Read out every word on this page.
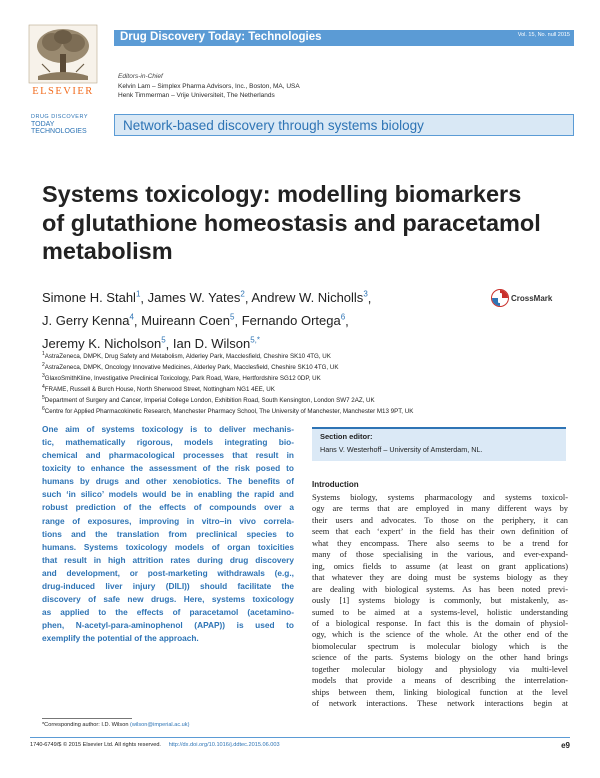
ELSEVIER
Drug Discovery Today: Technologies	Vol. 15, No. null 2015
Editors-in-Chief
Kelvin Lam – Simplex Pharma Advisors, Inc., Boston, MA, USA
Henk Timmerman – Vrije Universiteit, The Netherlands
DRUG DISCOVERY
TODAY
TECHNOLOGIES	Network-based discovery through systems biology
Systems toxicology: modelling biomarkers of glutathione homeostasis and paracetamol metabolism
Simone H. Stahl$^1$, James W. Yates$^2$, Andrew W. Nicholls$^3$,
J. Gerry Kenna$^4$, Muireann Coen$^5$, Fernando Ortega$^6$,
Jeremy K. Nicholson$^5$, Ian D. Wilson$^{5,*}$
CrossMark
$^1$AstraZeneca, DMPK, Drug Safety and Metabolism, Alderley Park, Macclesfield, Cheshire SK10 4TG, UK
$^2$AstraZeneca, DMPK, Oncology Innovative Medicines, Alderley Park, Macclesfield, Cheshire SK10 4TG, UK
$^3$GlaxoSmithKline, Investigative Preclinical Toxicology, Park Road, Ware, Hertfordshire SG12 0DP, UK
$^4$FRAME, Russell & Burch House, North Sherwood Street, Nottingham NG1 4EE, UK
$^5$Department of Surgery and Cancer, Imperial College London, Exhibition Road, South Kensington, London SW7 2AZ, UK
$^6$Centre for Applied Pharmacokinetic Research, Manchester Pharmacy School, The University of Manchester, Manchester M13 9PT, UK
One aim of systems toxicology is to deliver mechanis-
tic, mathematically rigorous, models integrating bio-
chemical and pharmacological processes that result in
toxicity to enhance the assessment of the risk posed to
humans by drugs and other xenobiotics. The benefits of
such ‘in silico’ models would be in enabling the rapid and
robust prediction of the effects of compounds over a
range of exposures, improving in vitro–in vivo correla-
tions and the translation from preclinical species to
humans. Systems toxicology models of organ toxicities
that result in high attrition rates during drug discovery
and development, or post-marketing withdrawals (e.g.,
drug-induced liver injury (DILI)) should facilitate the
discovery of safe new drugs. Here, systems toxicology
as applied to the effects of paracetamol (acetamino-
phen, N-acetyl-para-aminophenol (APAP)) is used to
exemplify the potential of the approach.
Section editor:
Hans V. Westerhoff – University of Amsterdam, NL.
Introduction
Systems biology, systems pharmacology and systems toxicol-
ogy are terms that are employed in many different ways by
their users and advocates. To those on the periphery, it can
seem that each ‘expert’ in the field has their own definition of
what they encompass. There also seems to be a trend for
many of those specialising in the various, and ever-expand-
ing, omics fields to assume (at least on grant applications)
that whatever they are doing must be systems biology as they
are dealing with biological systems. As has been noted previ-
ously [1] systems biology is commonly, but mistakenly, as-
sumed to be aimed at a systems-level, holistic understanding
of a biological response. In fact this is the domain of physiol-
ogy, which is the science of the whole. At the other end of the
biomolecular spectrum is molecular biology which is the
science of the parts. Systems biology on the other hand brings
together molecular biology and physiology via multi-level
models that provide a means of describing the interrelation-
ships between them, linking biological function at the level
of network interactions. These network interactions begin at
*Corresponding author: I.D. Wilson (wilson@imperial.ac.uk)
1740-6749/$ © 2015 Elsevier Ltd. All rights reserved. http://dx.doi.org/10.1016/j.ddtec.2015.06.003	e9
